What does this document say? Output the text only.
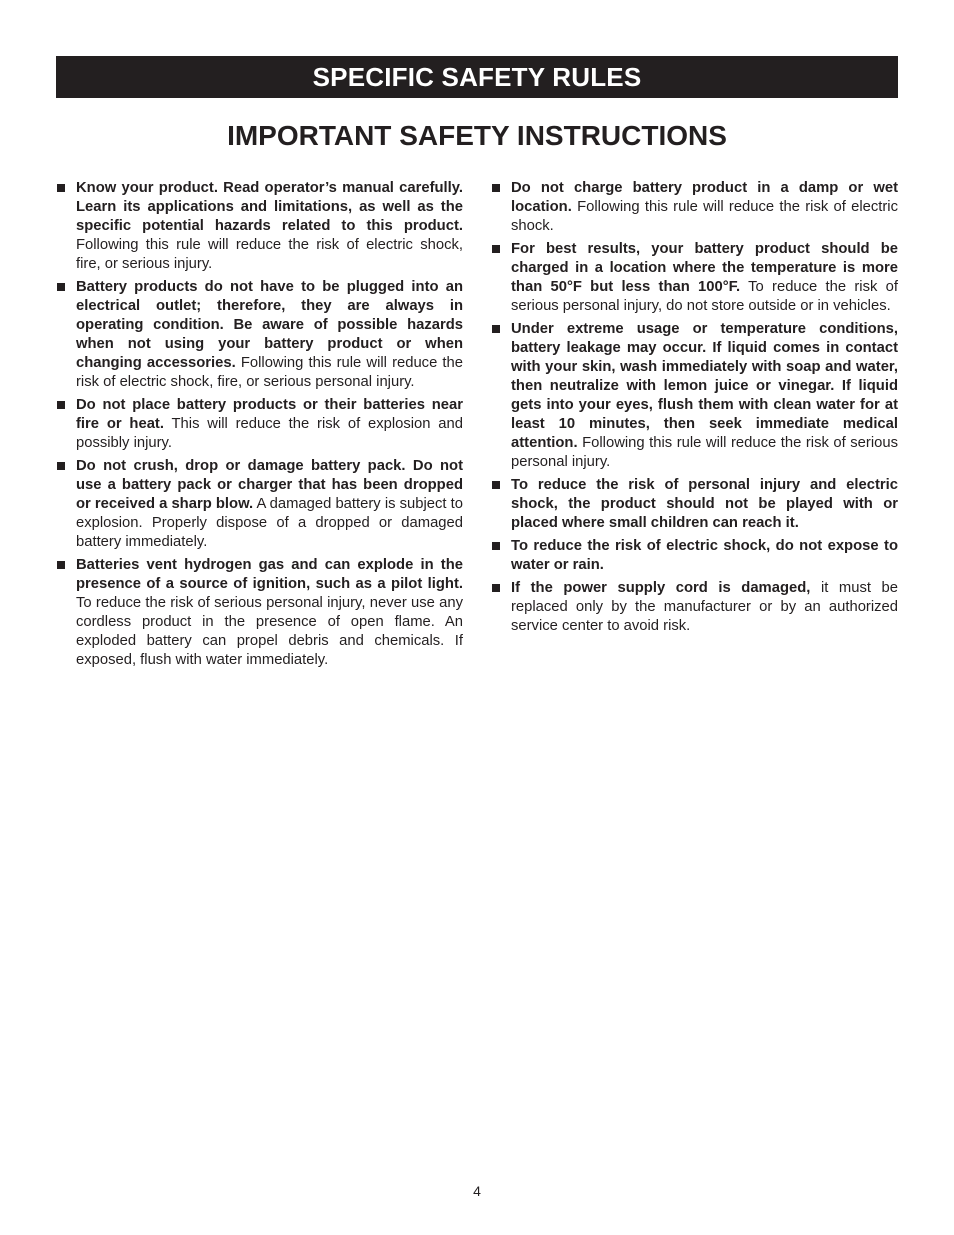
SPECIFIC SAFETY RULES
IMPORTANT SAFETY INSTRUCTIONS
Know your product. Read operator’s manual carefully. Learn its applications and limitations, as well as the specific potential hazards related to this product. Following this rule will reduce the risk of electric shock, fire, or serious injury.
Battery products do not have to be plugged into an electrical outlet; therefore, they are always in operating condition. Be aware of possible hazards when not using your battery product or when changing accessories. Following this rule will reduce the risk of electric shock, fire, or serious personal injury.
Do not place battery products or their batteries near fire or heat. This will reduce the risk of explosion and possibly injury.
Do not crush, drop or damage battery pack. Do not use a battery pack or charger that has been dropped or received a sharp blow. A damaged battery is subject to explosion. Properly dispose of a dropped or damaged battery immediately.
Batteries vent hydrogen gas and can explode in the presence of a source of ignition, such as a pilot light. To reduce the risk of serious personal injury, never use any cordless product in the presence of open flame. An exploded battery can propel debris and chemicals. If exposed, flush with water immediately.
Do not charge battery product in a damp or wet location. Following this rule will reduce the risk of electric shock.
For best results, your battery product should be charged in a location where the temperature is more than 50°F but less than 100°F. To reduce the risk of serious personal injury, do not store outside or in vehicles.
Under extreme usage or temperature conditions, battery leakage may occur. If liquid comes in contact with your skin, wash immediately with soap and water, then neutralize with lemon juice or vinegar. If liquid gets into your eyes, flush them with clean water for at least 10 minutes, then seek immediate medical attention. Following this rule will reduce the risk of serious personal injury.
To reduce the risk of personal injury and electric shock, the product should not be played with or placed where small children can reach it.
To reduce the risk of electric shock, do not expose to water or rain.
If the power supply cord is damaged, it must be replaced only by the manufacturer or by an authorized service center to avoid risk.
4
